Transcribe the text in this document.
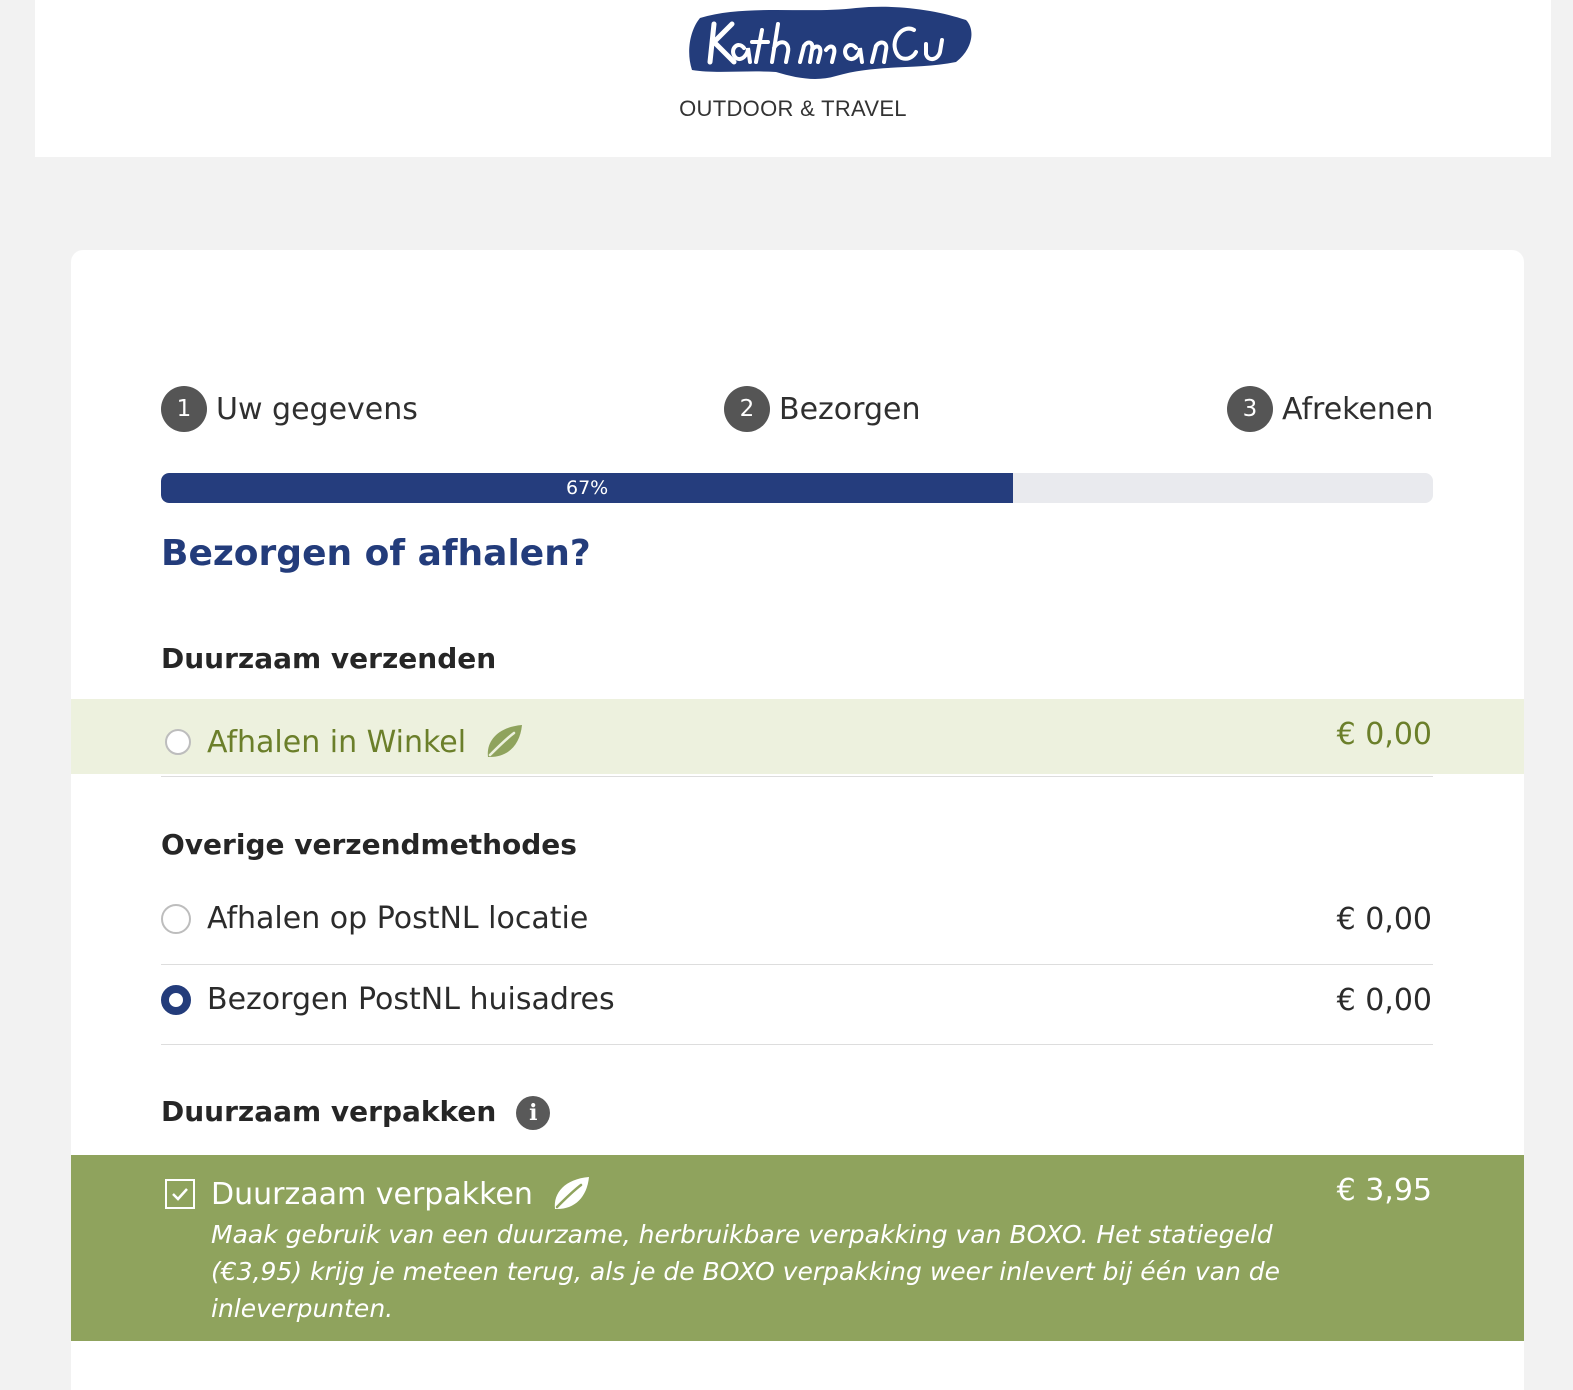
OUTDOOR & TRAVEL
1 Uw gegevens	2 Bezorgen	3 Afrekenen
67%
Bezorgen of afhalen?
Duurzaam verzenden
Afhalen in Winkel	€ 0,00
Overige verzendmethodes
Afhalen op PostNL locatie	€ 0,00
Bezorgen PostNL huisadres	€ 0,00
Duurzaam verpakken i
Duurzaam verpakken	€ 3,95
Maak gebruik van een duurzame, herbruikbare verpakking van BOXO. Het statiegeld (€3,95) krijg je meteen terug, als je de BOXO verpakking weer inlevert bij één van de inleverpunten.
